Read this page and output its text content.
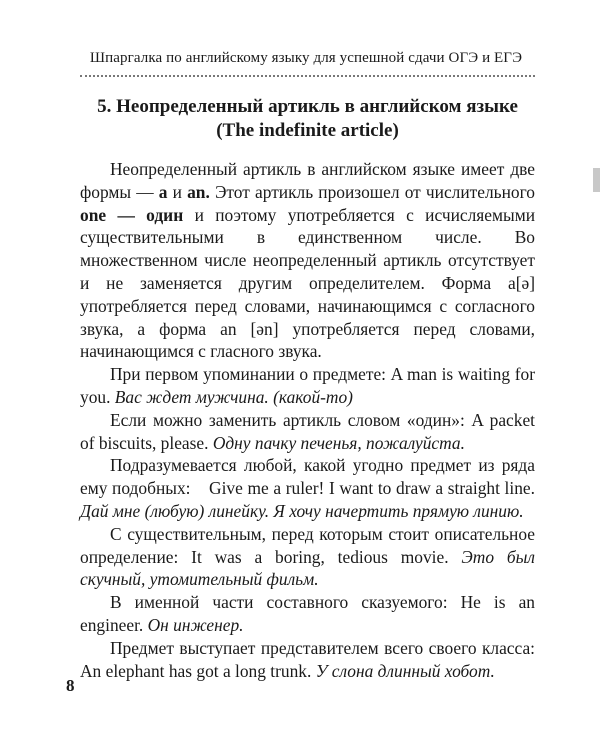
Шпаргалка по английскому языку для успешной сдачи ОГЭ и ЕГЭ
5. Неопределенный артикль в английском языке
(The indefinite article)

Неопределенный артикль в английском языке имеет две формы — a и an. Этот артикль произошел от числительного one — один и поэтому употребляется с исчисляемыми существительными в единственном числе. Во множественном числе неопределенный артикль отсутствует и не заменяется другим определителем. Форма a[ə] употребляется перед словами, начинающимся с согласного звука, а форма an [ən] употребляется перед словами, начинающимся с гласного звука.

При первом упоминании о предмете: A man is waiting for you. Вас ждет мужчина. (какой-то)

Если можно заменить артикль словом «один»: A packet of biscuits, please. Одну пачку печенья, пожалуйста.

Подразумевается любой, какой угодно предмет из ряда ему подобных:    Give me a ruler! I want to draw a straight line. Дай мне (любую) линейку. Я хочу начертить прямую линию.

С существительным, перед которым стоит описательное определение: It was a boring, tedious movie. Это был скучный, утомительный фильм.

В именной части составного сказуемого: He is an engineer. Он инженер.

Предмет выступает представителем всего своего класса: An elephant has got a long trunk. У слона длинный хобот.

8
